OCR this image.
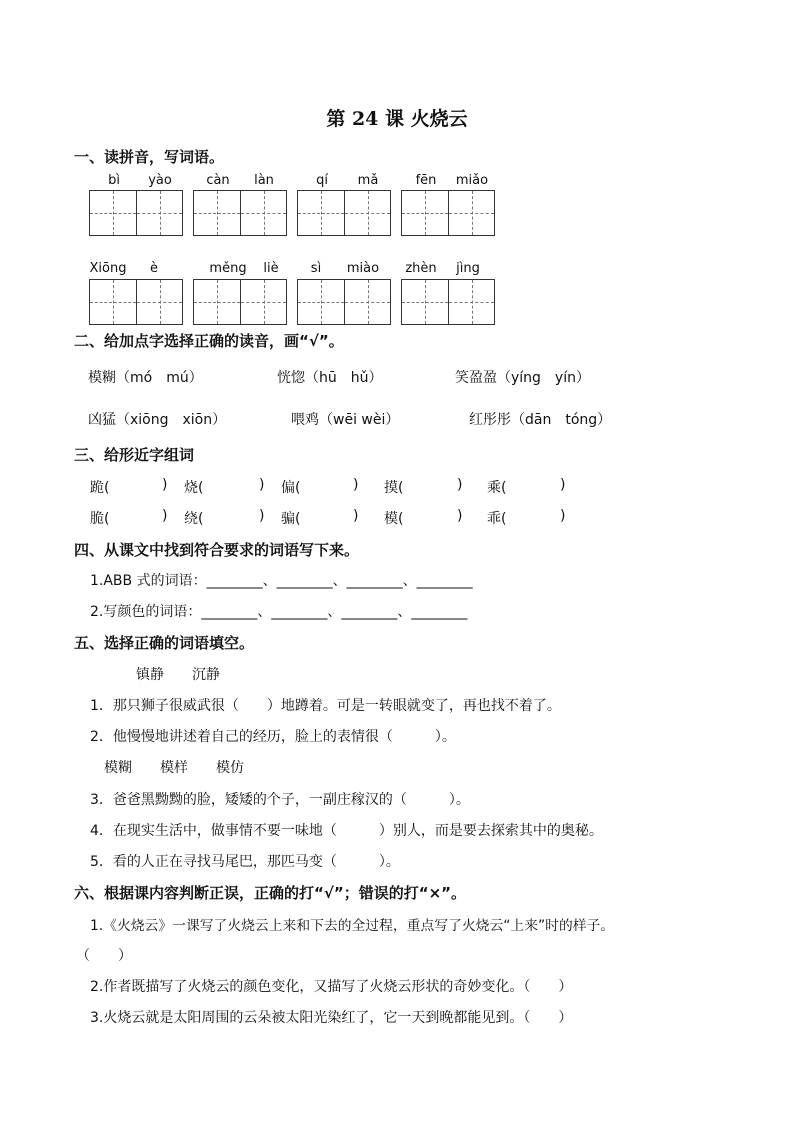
第 24 课 火烧云
一、读拼音，写词语。
bì	yào	càn	làn	qí	mǎ	fēn	miǎo
Xiōng	è	měng	liè	sì	miào	zhèn	jìng
二、给加点字选择正确的读音，画“√”。
模糊（mó　mú）	恍惚（hū　hǔ）	笑盈盈（yíng　yín）
凶猛（xiōng　xiōn）	喂鸡（wēi wèi）	红彤彤（dān　tóng）
三、给形近字组词
跪(	) 烧(	) 偏(	) 摸(	) 乘(	)
脆(	) 绕(	) 骗(	) 模(	) 乖(	)
四、从课文中找到符合要求的词语写下来。
1.ABB 式的词语：________、________、________、________
2.写颜色的词语：________、________、________、________
五、选择正确的词语填空。
镇静　　沉静
1．那只狮子很威武很（　　）地蹲着。可是一转眼就变了，再也找不着了。
2．他慢慢地讲述着自己的经历，脸上的表情很（　　　）。
模糊　　模样　　模仿
3．爸爸黑黝黝的脸，矮矮的个子，一副庄稼汉的（　　　）。
4．在现实生活中，做事情不要一味地（　　　）别人，而是要去探索其中的奥秘。
5．看的人正在寻找马尾巴，那匹马变（　　　）。
六、根据课内容判断正误，正确的打“√”；错误的打“×”。
1.《火烧云》一课写了火烧云上来和下去的全过程，重点写了火烧云“上来”时的样子。
（　　）
2.作者既描写了火烧云的颜色变化，又描写了火烧云形状的奇妙变化。（　　）
3.火烧云就是太阳周围的云朵被太阳光染红了，它一天到晚都能见到。（　　）
